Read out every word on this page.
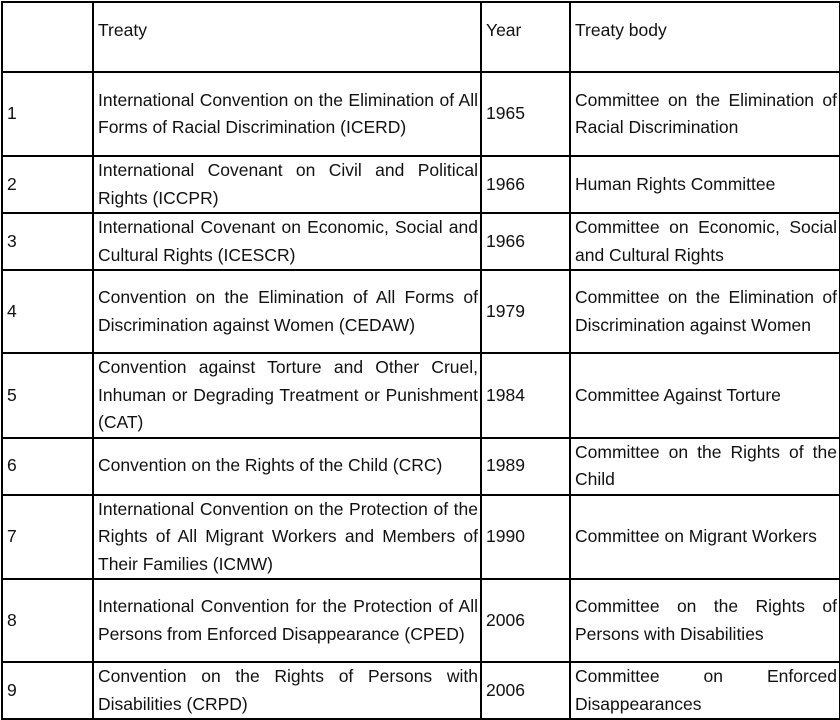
	Treaty	Year	Treaty body
1	International Convention on the Elimination of All Forms of Racial Discrimination (ICERD)	1965	Committee on the Elimination of Racial Discrimination
2	International Covenant on Civil and Political Rights (ICCPR)	1966	Human Rights Committee
3	International Covenant on Economic, Social and Cultural Rights (ICESCR)	1966	Committee on Economic, Social and Cultural Rights
4	Convention on the Elimination of All Forms of Discrimination against Women (CEDAW)	1979	Committee on the Elimination of Discrimination against Women
5	Convention against Torture and Other Cruel, Inhuman or Degrading Treatment or Punishment (CAT)	1984	Committee Against Torture
6	Convention on the Rights of the Child (CRC)	1989	Committee on the Rights of the Child
7	International Convention on the Protection of the Rights of All Migrant Workers and Members of Their Families (ICMW)	1990	Committee on Migrant Workers
8	International Convention for the Protection of All Persons from Enforced Disappearance (CPED)	2006	Committee on the Rights of Persons with Disabilities
9	Convention on the Rights of Persons with Disabilities (CRPD)	2006	Committee on Enforced Disappearances
